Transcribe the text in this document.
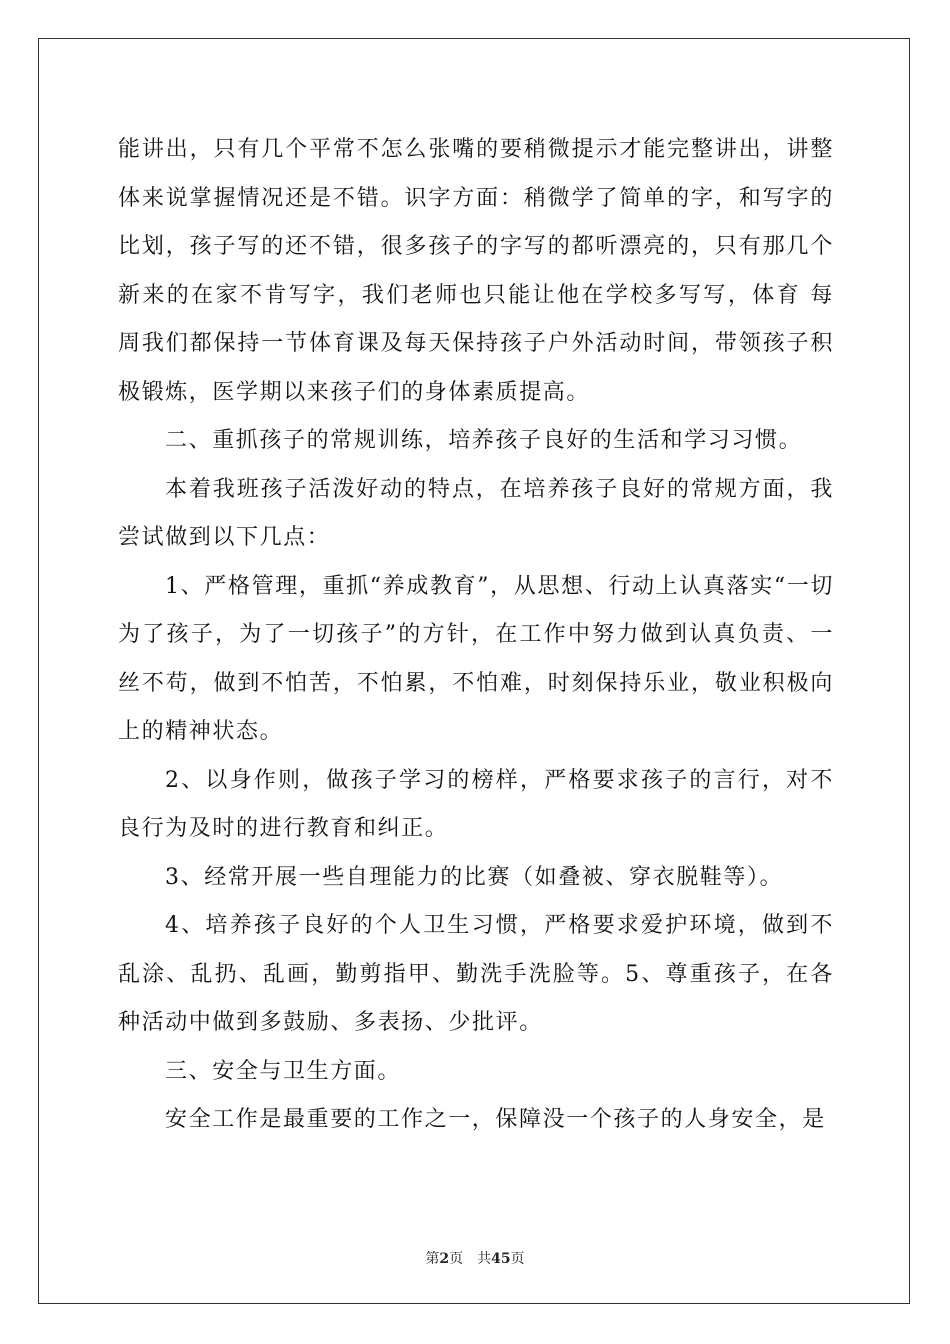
能讲出，只有几个平常不怎么张嘴的要稍微提示才能完整讲出，讲整体来说掌握情况还是不错。识字方面：稍微学了简单的字，和写字的比划，孩子写的还不错，很多孩子的字写的都听漂亮的，只有那几个新来的在家不肯写字，我们老师也只能让他在学校多写写，体育 每周我们都保持一节体育课及每天保持孩子户外活动时间，带领孩子积极锻炼，医学期以来孩子们的身体素质提高。

二、重抓孩子的常规训练，培养孩子良好的生活和学习习惯。

本着我班孩子活泼好动的特点，在培养孩子良好的常规方面，我尝试做到以下几点：

1、严格管理，重抓“养成教育”，从思想、行动上认真落实“一切为了孩子，为了一切孩子”的方针，在工作中努力做到认真负责、一丝不苟，做到不怕苦，不怕累，不怕难，时刻保持乐业，敬业积极向上的精神状态。

2、以身作则，做孩子学习的榜样，严格要求孩子的言行，对不良行为及时的进行教育和纠正。

3、经常开展一些自理能力的比赛（如叠被、穿衣脱鞋等）。

4、培养孩子良好的个人卫生习惯，严格要求爱护环境，做到不乱涂、乱扔、乱画，勤剪指甲、勤洗手洗脸等。5、尊重孩子，在各种活动中做到多鼓励、多表扬、少批评。

三、安全与卫生方面。

安全工作是最重要的工作之一，保障没一个孩子的人身安全，是

第2页　共45页
